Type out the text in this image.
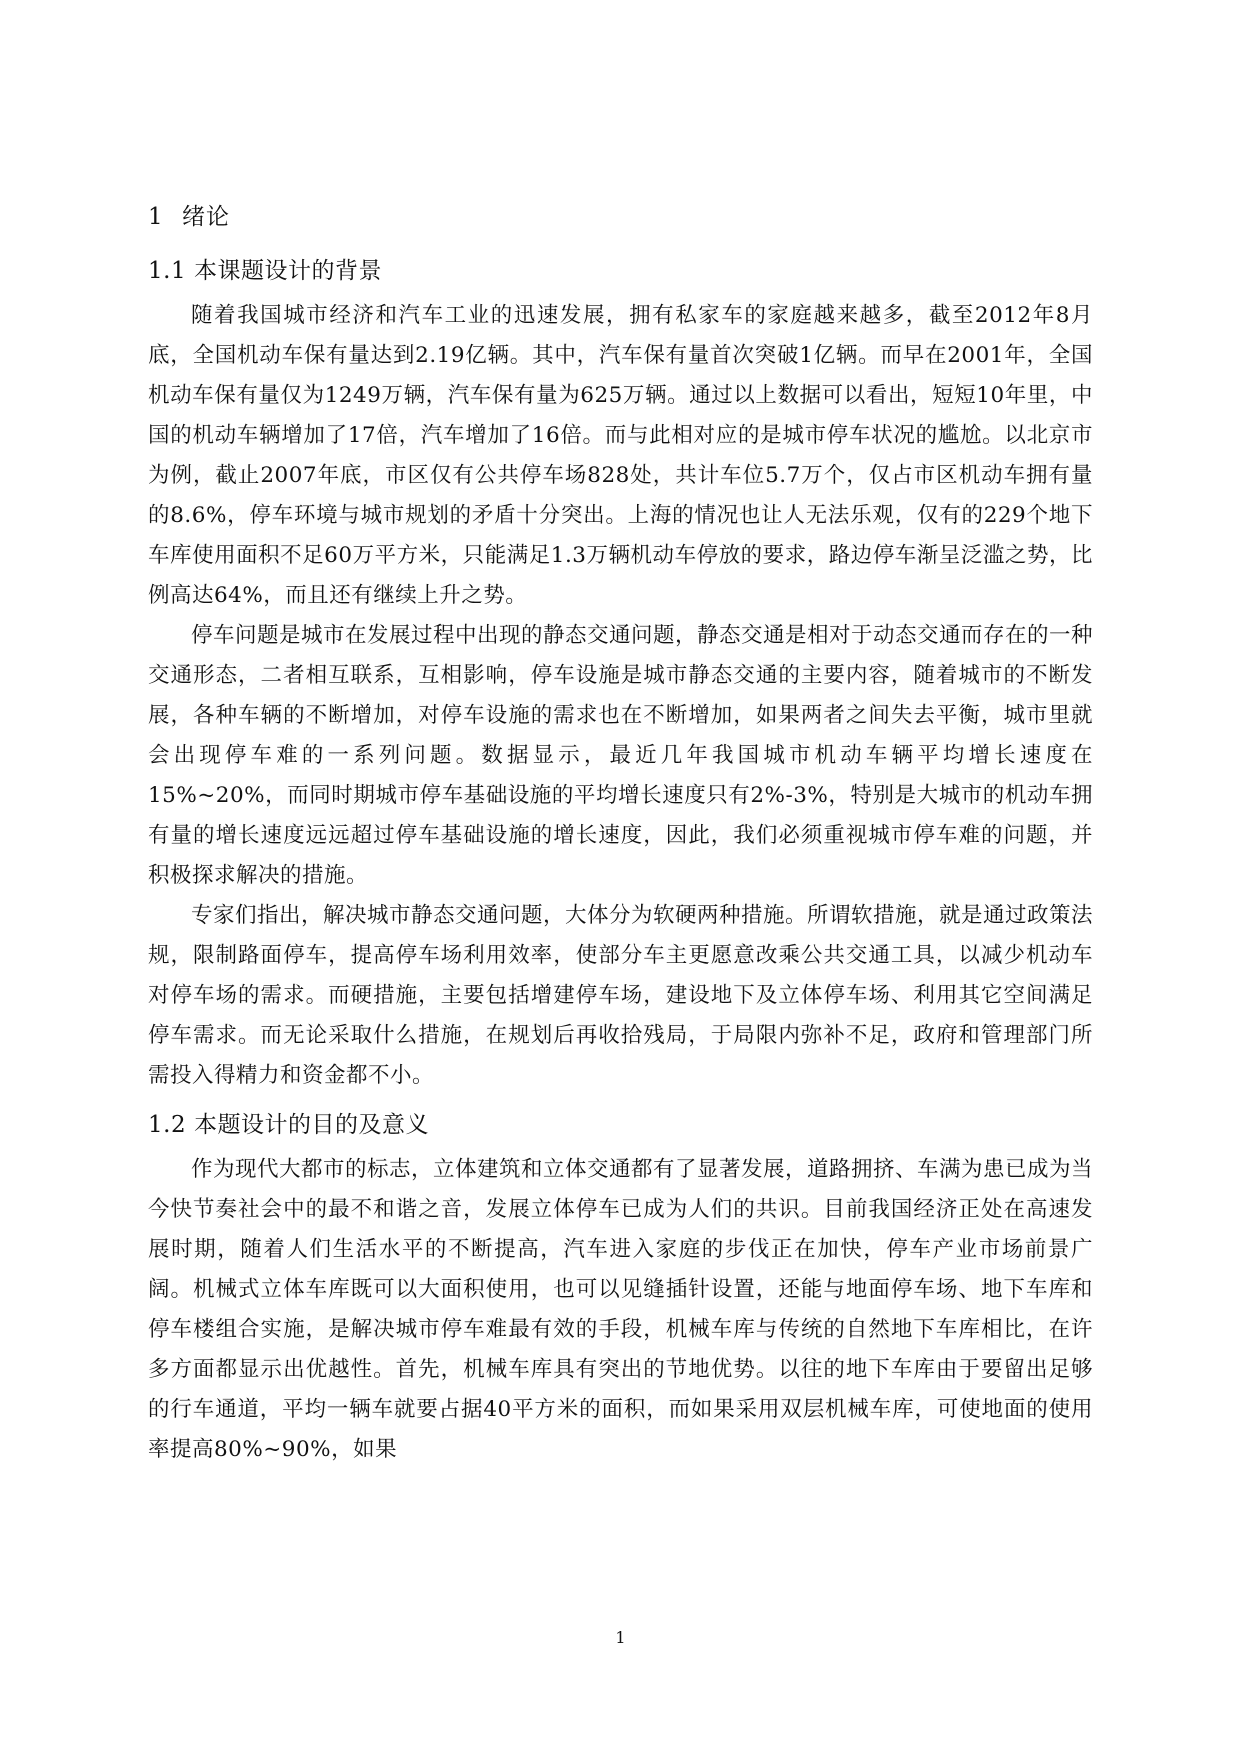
1 绪论
1.1 本课题设计的背景

随着我国城市经济和汽车工业的迅速发展，拥有私家车的家庭越来越多，截至2012年8月底，全国机动车保有量达到2.19亿辆。其中，汽车保有量首次突破1亿辆。而早在2001年，全国机动车保有量仅为1249万辆，汽车保有量为625万辆。通过以上数据可以看出，短短10年里，中国的机动车辆增加了17倍，汽车增加了16倍。而与此相对应的是城市停车状况的尴尬。以北京市为例，截止2007年底，市区仅有公共停车场828处，共计车位5.7万个，仅占市区机动车拥有量的8.6%，停车环境与城市规划的矛盾十分突出。上海的情况也让人无法乐观，仅有的229个地下车库使用面积不足60万平方米，只能满足1.3万辆机动车停放的要求，路边停车渐呈泛滥之势，比例高达64%，而且还有继续上升之势。

停车问题是城市在发展过程中出现的静态交通问题，静态交通是相对于动态交通而存在的一种交通形态，二者相互联系，互相影响，停车设施是城市静态交通的主要内容，随着城市的不断发展，各种车辆的不断增加，对停车设施的需求也在不断增加，如果两者之间失去平衡，城市里就会出现停车难的一系列问题。数据显示，最近几年我国城市机动车辆平均增长速度在15%~20%，而同时期城市停车基础设施的平均增长速度只有2%-3%，特别是大城市的机动车拥有量的增长速度远远超过停车基础设施的增长速度，因此，我们必须重视城市停车难的问题，并积极探求解决的措施。

专家们指出，解决城市静态交通问题，大体分为软硬两种措施。所谓软措施，就是通过政策法规，限制路面停车，提高停车场利用效率，使部分车主更愿意改乘公共交通工具，以减少机动车对停车场的需求。而硬措施，主要包括增建停车场，建设地下及立体停车场、利用其它空间满足停车需求。而无论采取什么措施，在规划后再收拾残局，于局限内弥补不足，政府和管理部门所需投入得精力和资金都不小。

1.2 本题设计的目的及意义

作为现代大都市的标志，立体建筑和立体交通都有了显著发展，道路拥挤、车满为患已成为当今快节奏社会中的最不和谐之音，发展立体停车已成为人们的共识。目前我国经济正处在高速发展时期，随着人们生活水平的不断提高，汽车进入家庭的步伐正在加快，停车产业市场前景广阔。机械式立体车库既可以大面积使用，也可以见缝插针设置，还能与地面停车场、地下车库和停车楼组合实施，是解决城市停车难最有效的手段，机械车库与传统的自然地下车库相比，在许多方面都显示出优越性。首先，机械车库具有突出的节地优势。以往的地下车库由于要留出足够的行车通道，平均一辆车就要占据40平方米的面积，而如果采用双层机械车库，可使地面的使用率提高80%~90%，如果

1
